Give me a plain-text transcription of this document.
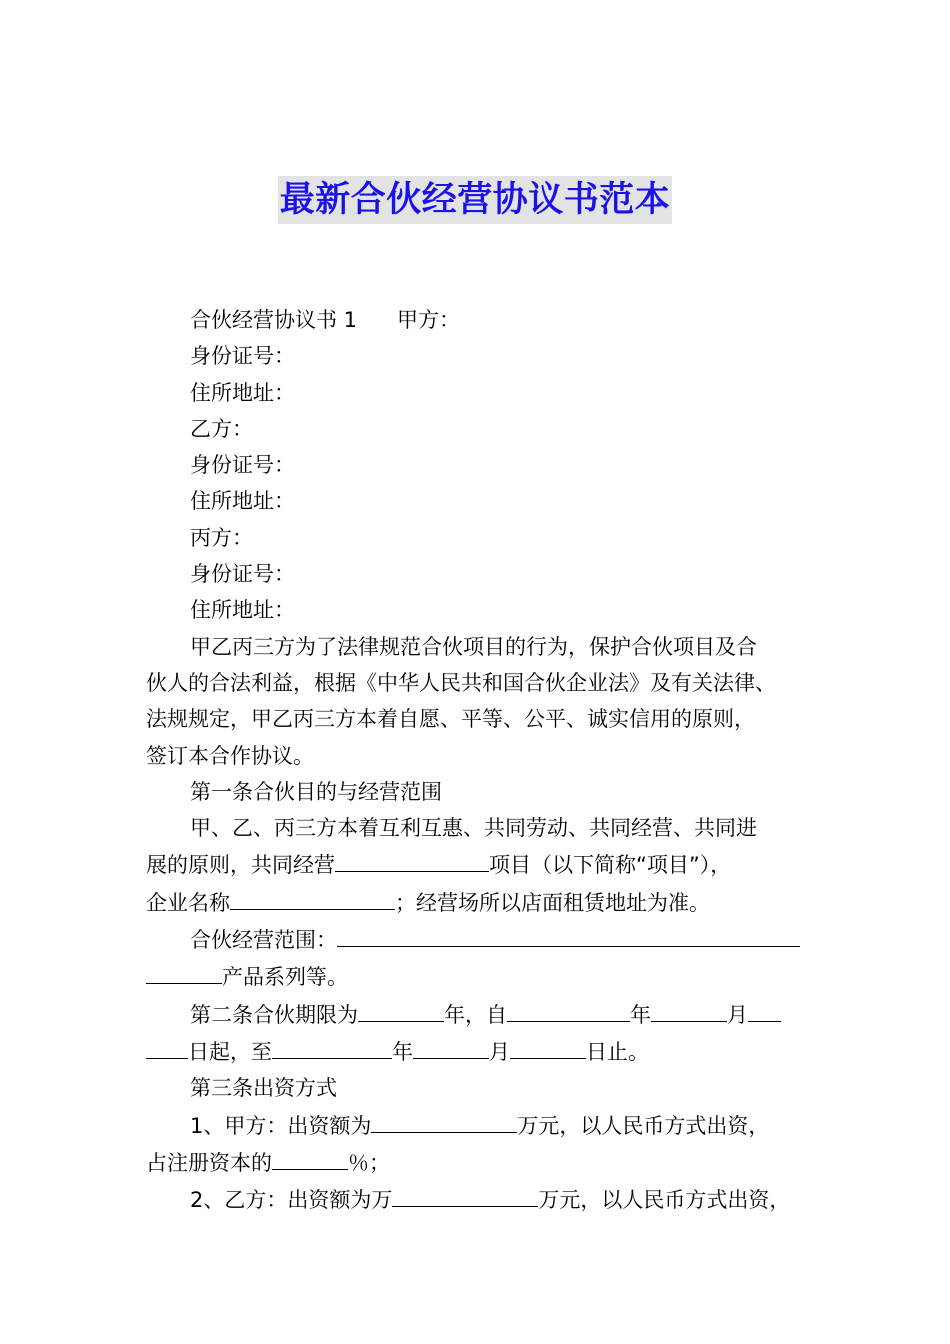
最新合伙经营协议书范本

合伙经营协议书 1 甲方：

身份证号：

住所地址：

乙方：

身份证号：

住所地址：

丙方：

身份证号：

住所地址：

甲乙丙三方为了法律规范合伙项目的行为，保护合伙项目及合

伙人的合法利益，根据《中华人民共和国合伙企业法》及有关法律、

法规规定，甲乙丙三方本着自愿、平等、公平、诚实信用的原则，

签订本合作协议。

第一条合伙目的与经营范围

甲、乙、丙三方本着互利互惠、共同劳动、共同经营、共同进

展的原则，共同经营	项目（以下简称“项目”），

企业名称	；经营场所以店面租赁地址为准。

合伙经营范围：

产品系列等。

第二条合伙期限为	年，自	年	月

日起，至	年	月	日止。

第三条出资方式

1、甲方：出资额为	万元，以人民币方式出资，

占注册资本的	％；

2、乙方：出资额为万	万元，以人民币方式出资，
